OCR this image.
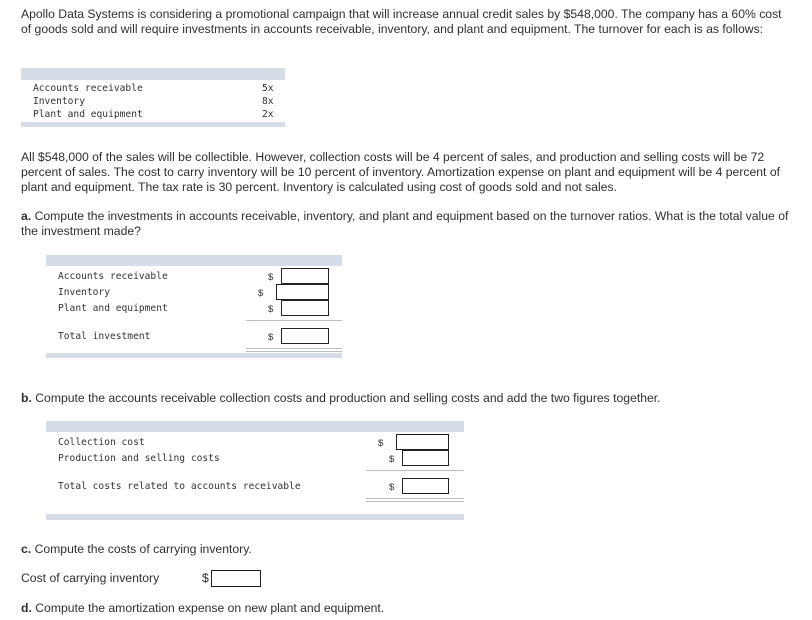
Apollo Data Systems is considering a promotional campaign that will increase annual credit sales by $548,000. The company has a 60% cost of goods sold and will require investments in accounts receivable, inventory, and plant and equipment. The turnover for each is as follows:
Accounts receivable	5x
Inventory	8x
Plant and equipment	2x
All $548,000 of the sales will be collectible. However, collection costs will be 4 percent of sales, and production and selling costs will be 72 percent of sales. The cost to carry inventory will be 10 percent of inventory. Amortization expense on plant and equipment will be 4 percent of plant and equipment. The tax rate is 30 percent. Inventory is calculated using cost of goods sold and not sales.
a. Compute the investments in accounts receivable, inventory, and plant and equipment based on the turnover ratios. What is the total value of the investment made?
Accounts receivable	$
Inventory	$
Plant and equipment	$
Total investment	$
b. Compute the accounts receivable collection costs and production and selling costs and add the two figures together.
Collection cost	$
Production and selling costs	$
Total costs related to accounts receivable	$
c. Compute the costs of carrying inventory.
Cost of carrying inventory	$
d. Compute the amortization expense on new plant and equipment.
